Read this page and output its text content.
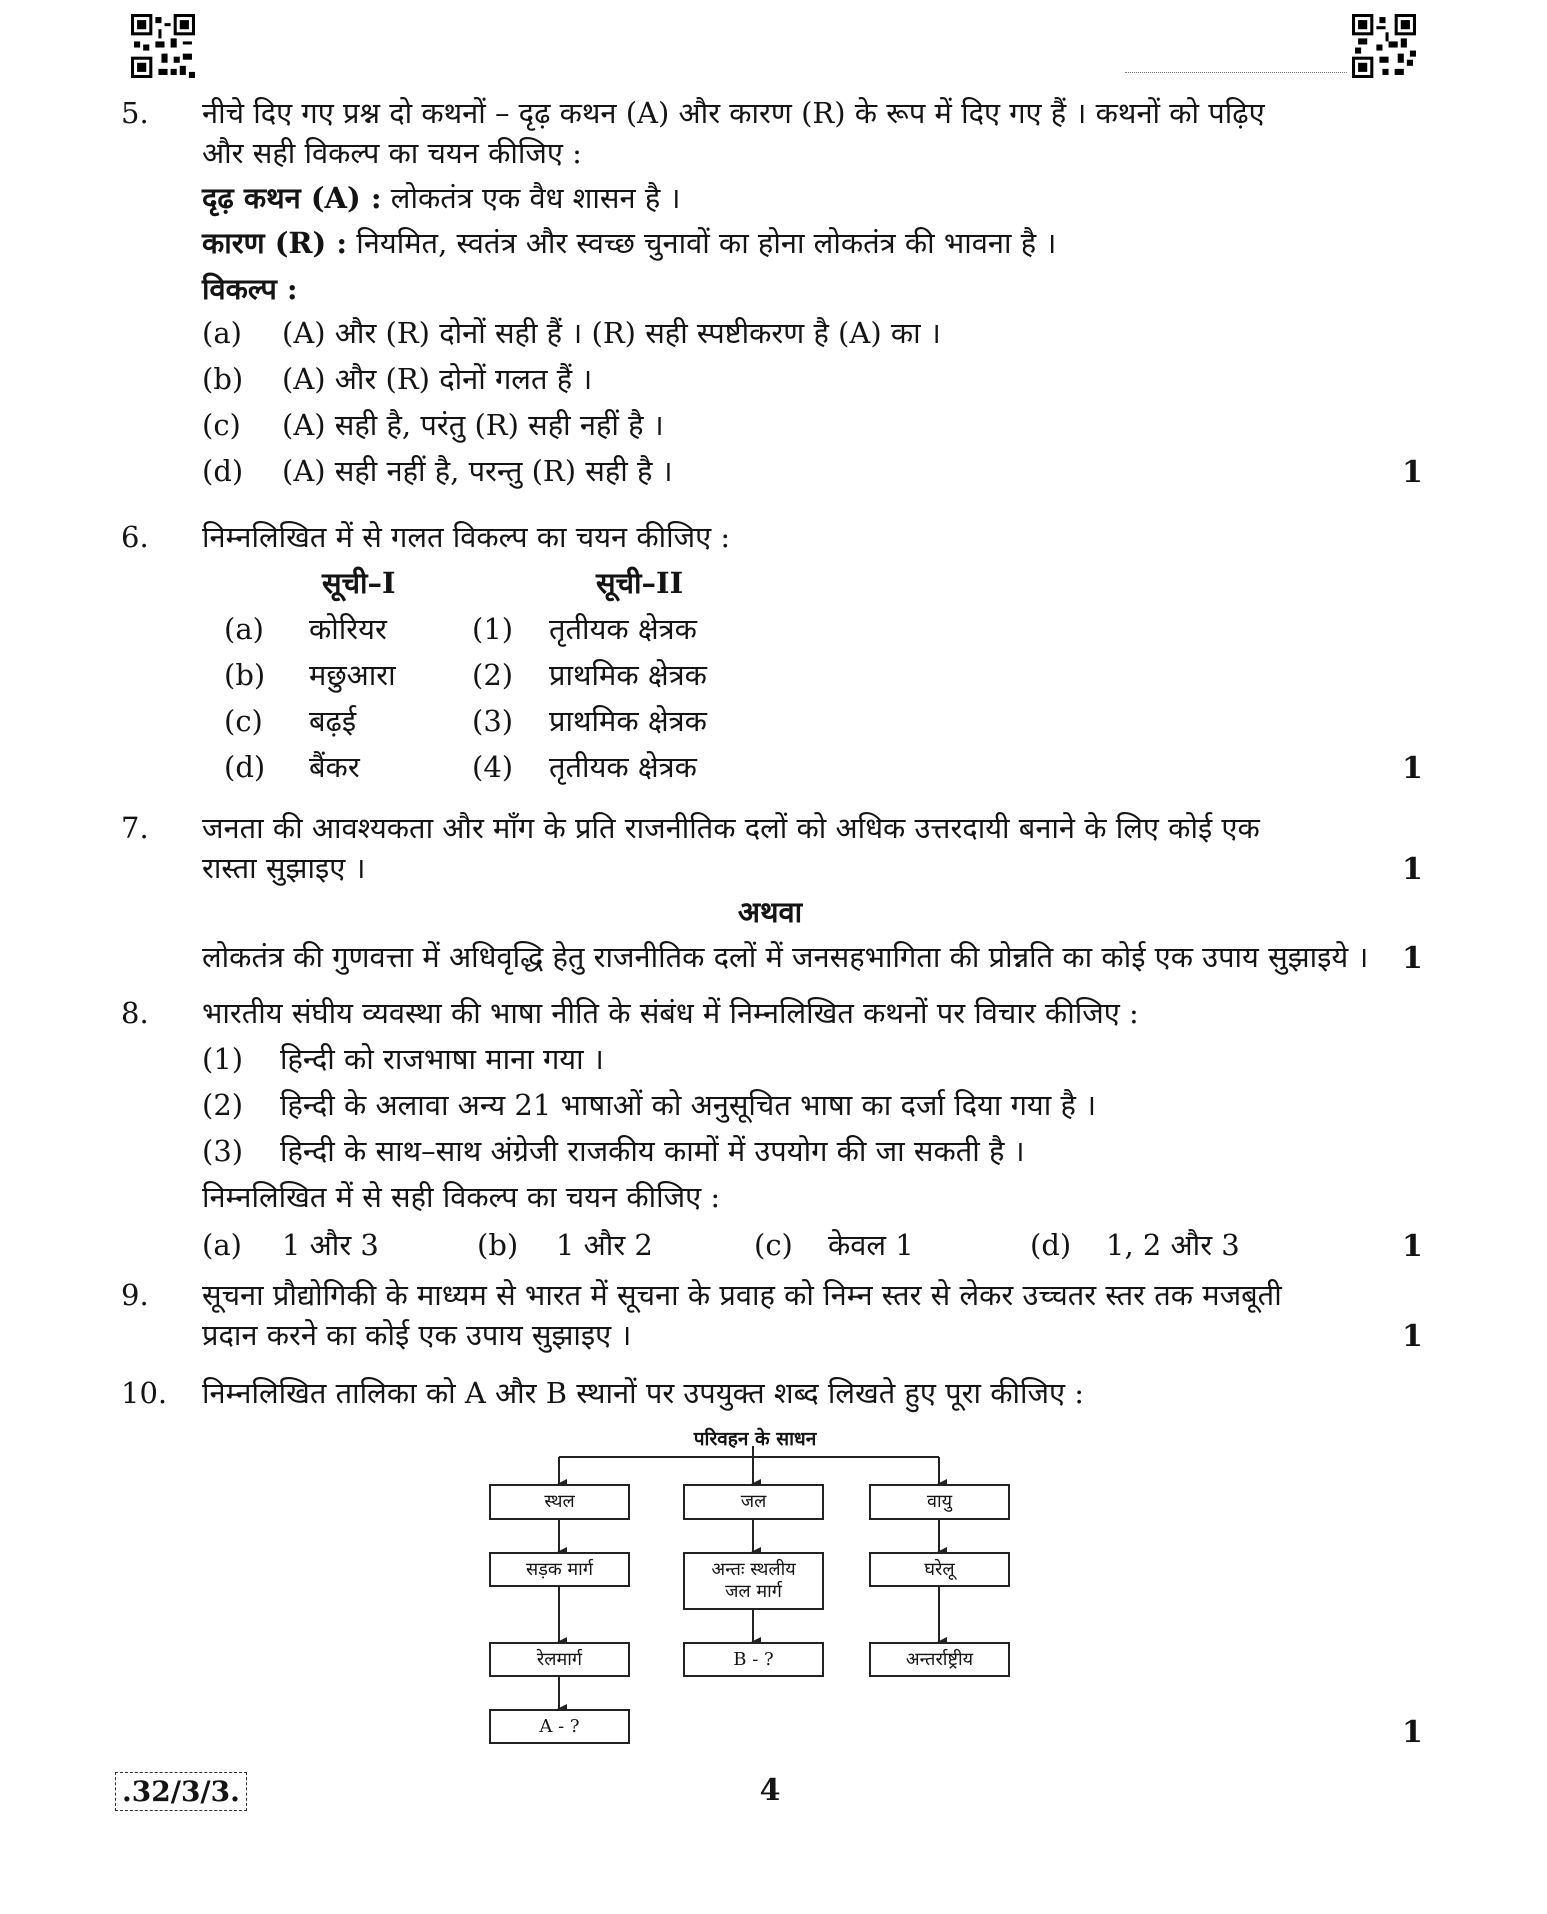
5. नीचे दिए गए प्रश्न दो कथनों – दृढ़ कथन (A) और कारण (R) के रूप में दिए गए हैं । कथनों को पढ़िए
और सही विकल्प का चयन कीजिए :
दृढ़ कथन (A) : लोकतंत्र एक वैध शासन है ।
कारण (R) : नियमित, स्वतंत्र और स्वच्छ चुनावों का होना लोकतंत्र की भावना है ।
विकल्प :
(a) (A) और (R) दोनों सही हैं । (R) सही स्पष्टीकरण है (A) का ।
(b) (A) और (R) दोनों गलत हैं ।
(c) (A) सही है, परंतु (R) सही नहीं है ।
(d) (A) सही नहीं है, परन्तु (R) सही है ।	1
6. निम्नलिखित में से गलत विकल्प का चयन कीजिए :
सूची–I	सूची–II
(a) कोरियर	(1) तृतीयक क्षेत्रक
(b) मछुआरा	(2) प्राथमिक क्षेत्रक
(c) बढ़ई	(3) प्राथमिक क्षेत्रक
(d) बैंकर	(4) तृतीयक क्षेत्रक	1
7. जनता की आवश्यकता और माँग के प्रति राजनीतिक दलों को अधिक उत्तरदायी बनाने के लिए कोई एक
रास्ता सुझाइए ।	1
अथवा
लोकतंत्र की गुणवत्ता में अधिवृद्धि हेतु राजनीतिक दलों में जनसहभागिता की प्रोन्नति का कोई एक उपाय सुझाइये । 1
8. भारतीय संघीय व्यवस्था की भाषा नीति के संबंध में निम्नलिखित कथनों पर विचार कीजिए :
(1) हिन्दी को राजभाषा माना गया ।
(2) हिन्दी के अलावा अन्य 21 भाषाओं को अनुसूचित भाषा का दर्जा दिया गया है ।
(3) हिन्दी के साथ–साथ अंग्रेजी राजकीय कामों में उपयोग की जा सकती है ।
निम्नलिखित में से सही विकल्प का चयन कीजिए :
(a) 1 और 3	(b) 1 और 2	(c) केवल 1	(d) 1, 2 और 3	1
9. सूचना प्रौद्योगिकी के माध्यम से भारत में सूचना के प्रवाह को निम्न स्तर से लेकर उच्चतर स्तर तक मजबूती
प्रदान करने का कोई एक उपाय सुझाइए ।	1
10. निम्नलिखित तालिका को A और B स्थानों पर उपयुक्त शब्द लिखते हुए पूरा कीजिए :
परिवहन के साधन
स्थल	जल	वायु
सड़क मार्ग	अन्तः स्थलीय
जल मार्ग
घरेलू
रेलमार्ग	B - ?	अन्तर्राष्ट्रीय
A - ?	1
.32/3/3.	4
